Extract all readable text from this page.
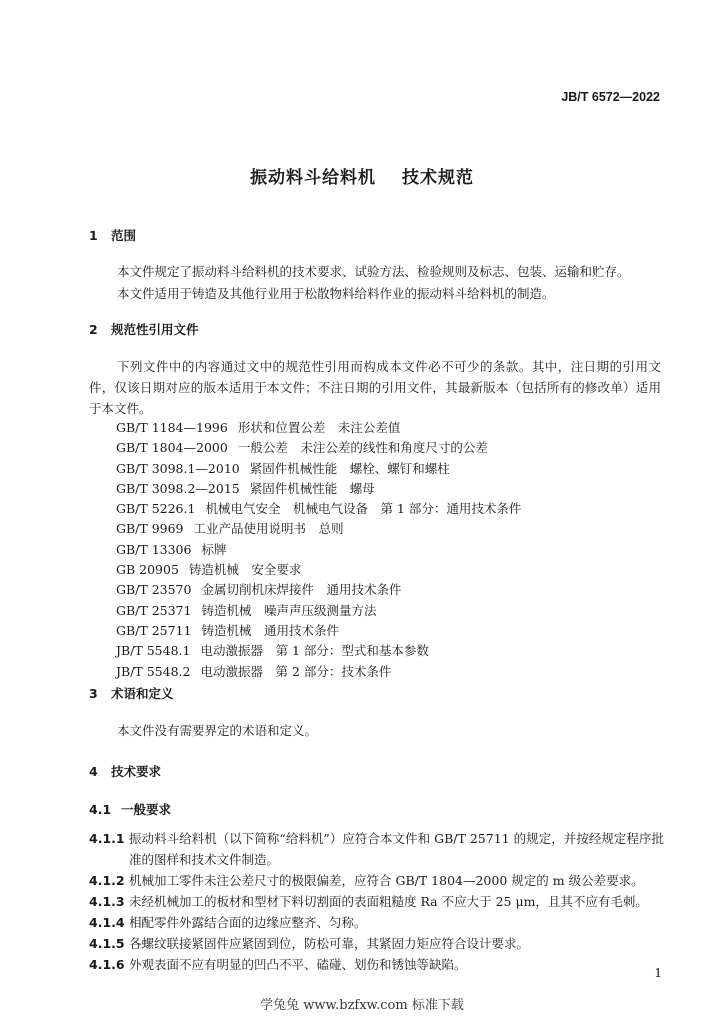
JB/T 6572—2022
振动料斗给料机 技术规范
1 范围
本文件规定了振动料斗给料机的技术要求、试验方法、检验规则及标志、包装、运输和贮存。
本文件适用于铸造及其他行业用于松散物料给料作业的振动料斗给料机的制造。
2 规范性引用文件
下列文件中的内容通过文中的规范性引用而构成本文件必不可少的条款。其中，注日期的引用文件，仅该日期对应的版本适用于本文件；不注日期的引用文件，其最新版本（包括所有的修改单）适用于本文件。
GB/T 1184—1996 形状和位置公差　未注公差值
GB/T 1804—2000 一般公差　未注公差的线性和角度尺寸的公差
GB/T 3098.1—2010 紧固件机械性能　螺栓、螺钉和螺柱
GB/T 3098.2—2015 紧固件机械性能　螺母
GB/T 5226.1 机械电气安全　机械电气设备　第 1 部分：通用技术条件
GB/T 9969 工业产品使用说明书　总则
GB/T 13306 标牌
GB 20905 铸造机械　安全要求
GB/T 23570 金属切削机床焊接件　通用技术条件
GB/T 25371 铸造机械　噪声声压级测量方法
GB/T 25711 铸造机械　通用技术条件
JB/T 5548.1 电动激振器　第 1 部分：型式和基本参数
JB/T 5548.2 电动激振器　第 2 部分：技术条件
3 术语和定义
本文件没有需要界定的术语和定义。
4 技术要求
4.1 一般要求
4.1.1 振动料斗给料机（以下简称“给料机”）应符合本文件和 GB/T 25711 的规定，并按经规定程序批准的图样和技术文件制造。
4.1.2 机械加工零件未注公差尺寸的极限偏差，应符合 GB/T 1804—2000 规定的 m 级公差要求。
4.1.3 未经机械加工的板材和型材下料切割面的表面粗糙度 Ra 不应大于 25 μm，且其不应有毛刺。
4.1.4 相配零件外露结合面的边缘应整齐、匀称。
4.1.5 各螺纹联接紧固件应紧固到位，防松可靠，其紧固力矩应符合设计要求。
4.1.6 外观表面不应有明显的凹凸不平、磕碰、划伤和锈蚀等缺陷。
1
学兔兔 www.bzfxw.com 标准下载
